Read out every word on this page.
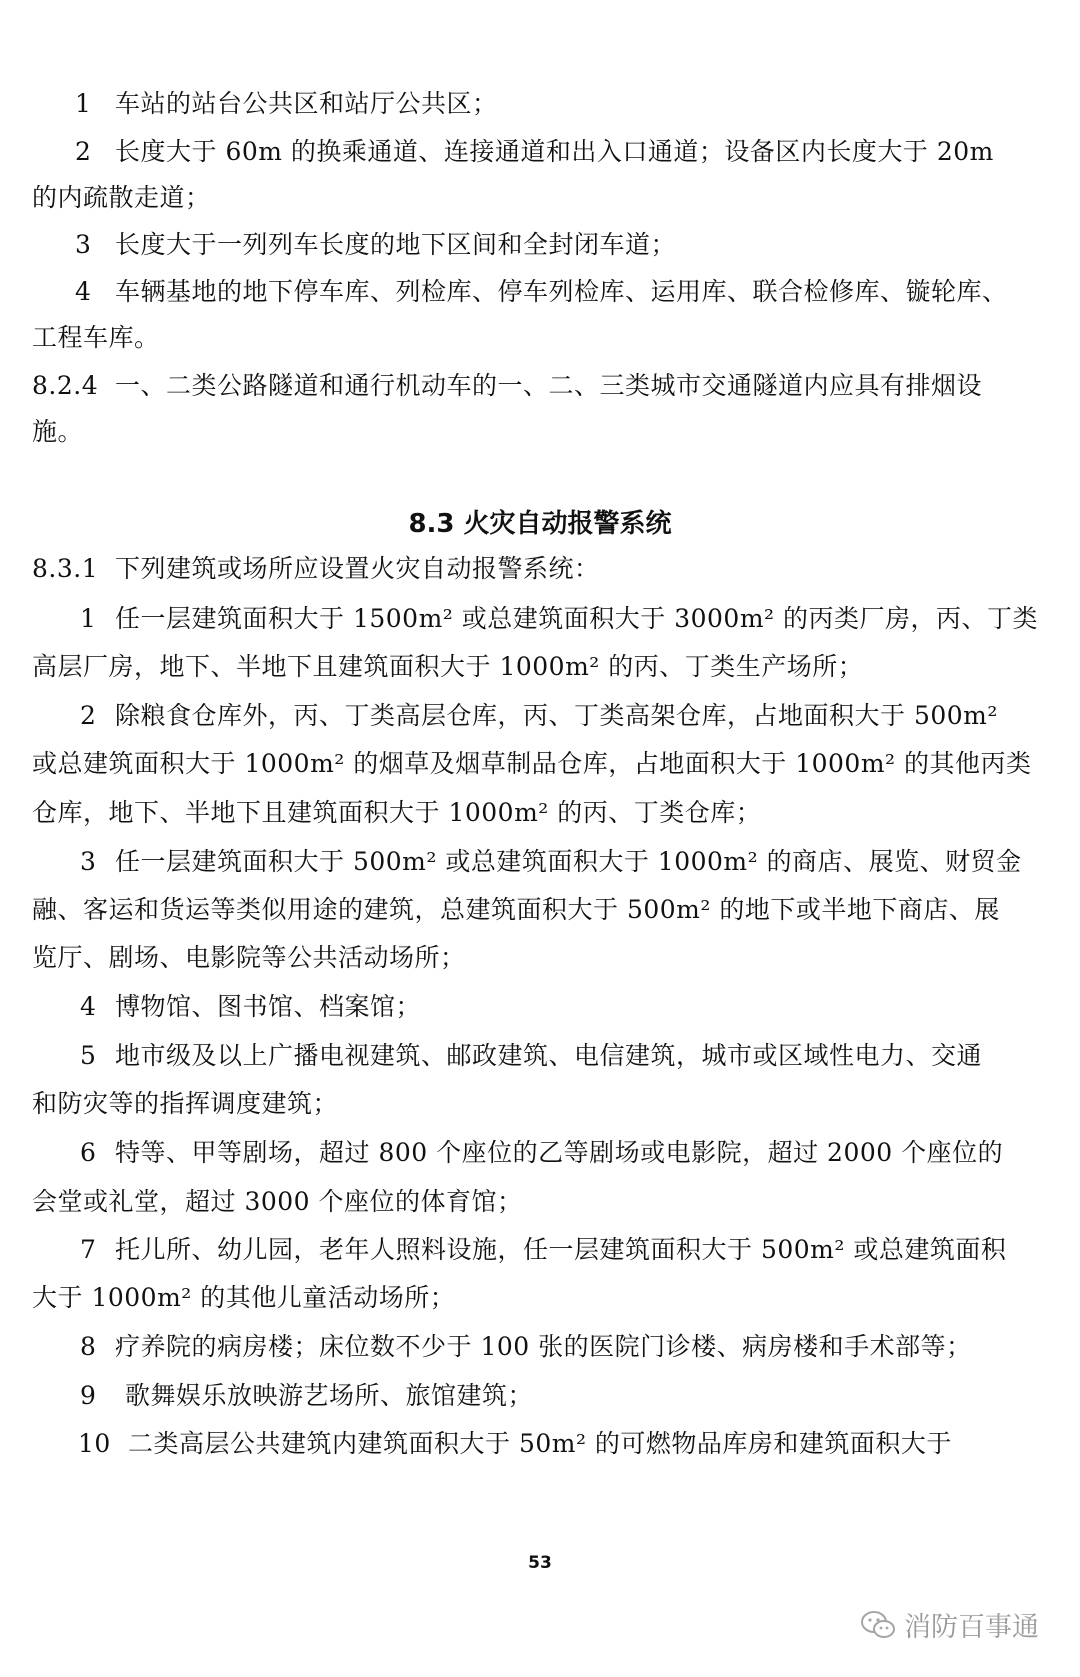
1 车站的站台公共区和站厅公共区；
2 长度大于 60m 的换乘通道、连接通道和出入口通道；设备区内长度大于 20m
的内疏散走道；
3 长度大于一列列车长度的地下区间和全封闭车道；
4 车辆基地的地下停车库、列检库、停车列检库、运用库、联合检修库、镟轮库、
工程车库。
8.2.4 一、二类公路隧道和通行机动车的一、二、三类城市交通隧道内应具有排烟设
施。
8.3 火灾自动报警系统
8.3.1 下列建筑或场所应设置火灾自动报警系统：
1 任一层建筑面积大于 1500m² 或总建筑面积大于 3000m² 的丙类厂房，丙、丁类
高层厂房，地下、半地下且建筑面积大于 1000m² 的丙、丁类生产场所；
2 除粮食仓库外，丙、丁类高层仓库，丙、丁类高架仓库，占地面积大于 500m²
或总建筑面积大于 1000m² 的烟草及烟草制品仓库，占地面积大于 1000m² 的其他丙类
仓库，地下、半地下且建筑面积大于 1000m² 的丙、丁类仓库；
3 任一层建筑面积大于 500m² 或总建筑面积大于 1000m² 的商店、展览、财贸金
融、客运和货运等类似用途的建筑，总建筑面积大于 500m² 的地下或半地下商店、展
览厅、剧场、电影院等公共活动场所；
4 博物馆、图书馆、档案馆；
5 地市级及以上广播电视建筑、邮政建筑、电信建筑，城市或区域性电力、交通
和防灾等的指挥调度建筑；
6 特等、甲等剧场，超过 800 个座位的乙等剧场或电影院，超过 2000 个座位的
会堂或礼堂，超过 3000 个座位的体育馆；
7 托儿所、幼儿园，老年人照料设施，任一层建筑面积大于 500m² 或总建筑面积
大于 1000m² 的其他儿童活动场所；
8 疗养院的病房楼；床位数不少于 100 张的医院门诊楼、病房楼和手术部等；
9 歌舞娱乐放映游艺场所、旅馆建筑；
10 二类高层公共建筑内建筑面积大于 50m² 的可燃物品库房和建筑面积大于
53
消防百事通
